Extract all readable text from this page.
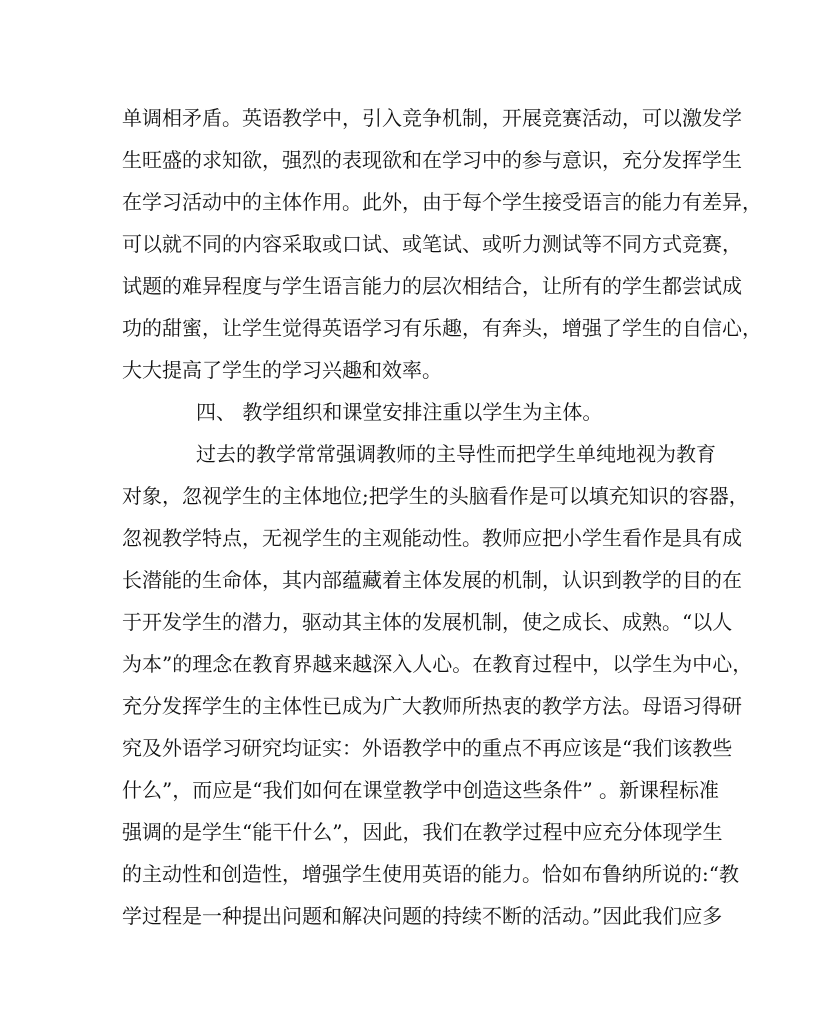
单调相矛盾。英语教学中，引入竞争机制，开展竞赛活动，可以激发学
生旺盛的求知欲，强烈的表现欲和在学习中的参与意识，充分发挥学生
在学习活动中的主体作用。此外，由于每个学生接受语言的能力有差异，
可以就不同的内容采取或口试、或笔试、或听力测试等不同方式竞赛，
试题的难异程度与学生语言能力的层次相结合，让所有的学生都尝试成
功的甜蜜，让学生觉得英语学习有乐趣，有奔头，增强了学生的自信心，
大大提高了学生的学习兴趣和效率。
四、 教学组织和课堂安排注重以学生为主体。
过去的教学常常强调教师的主导性而把学生单纯地视为教育
对象，忽视学生的主体地位;把学生的头脑看作是可以填充知识的容器，
忽视教学特点，无视学生的主观能动性。教师应把小学生看作是具有成
长潜能的生命体，其内部蕴藏着主体发展的机制，认识到教学的目的在
于开发学生的潜力，驱动其主体的发展机制，使之成长、成熟。“以人
为本”的理念在教育界越来越深入人心。在教育过程中，以学生为中心，
充分发挥学生的主体性已成为广大教师所热衷的教学方法。母语习得研
究及外语学习研究均证实：外语教学中的重点不再应该是“我们该教些
什么”，而应是“我们如何在课堂教学中创造这些条件” 。新课程标准
强调的是学生“能干什么”，因此，我们在教学过程中应充分体现学生
的主动性和创造性，增强学生使用英语的能力。恰如布鲁纳所说的:“教
学过程是一种提出问题和解决问题的持续不断的活动。”因此我们应多
